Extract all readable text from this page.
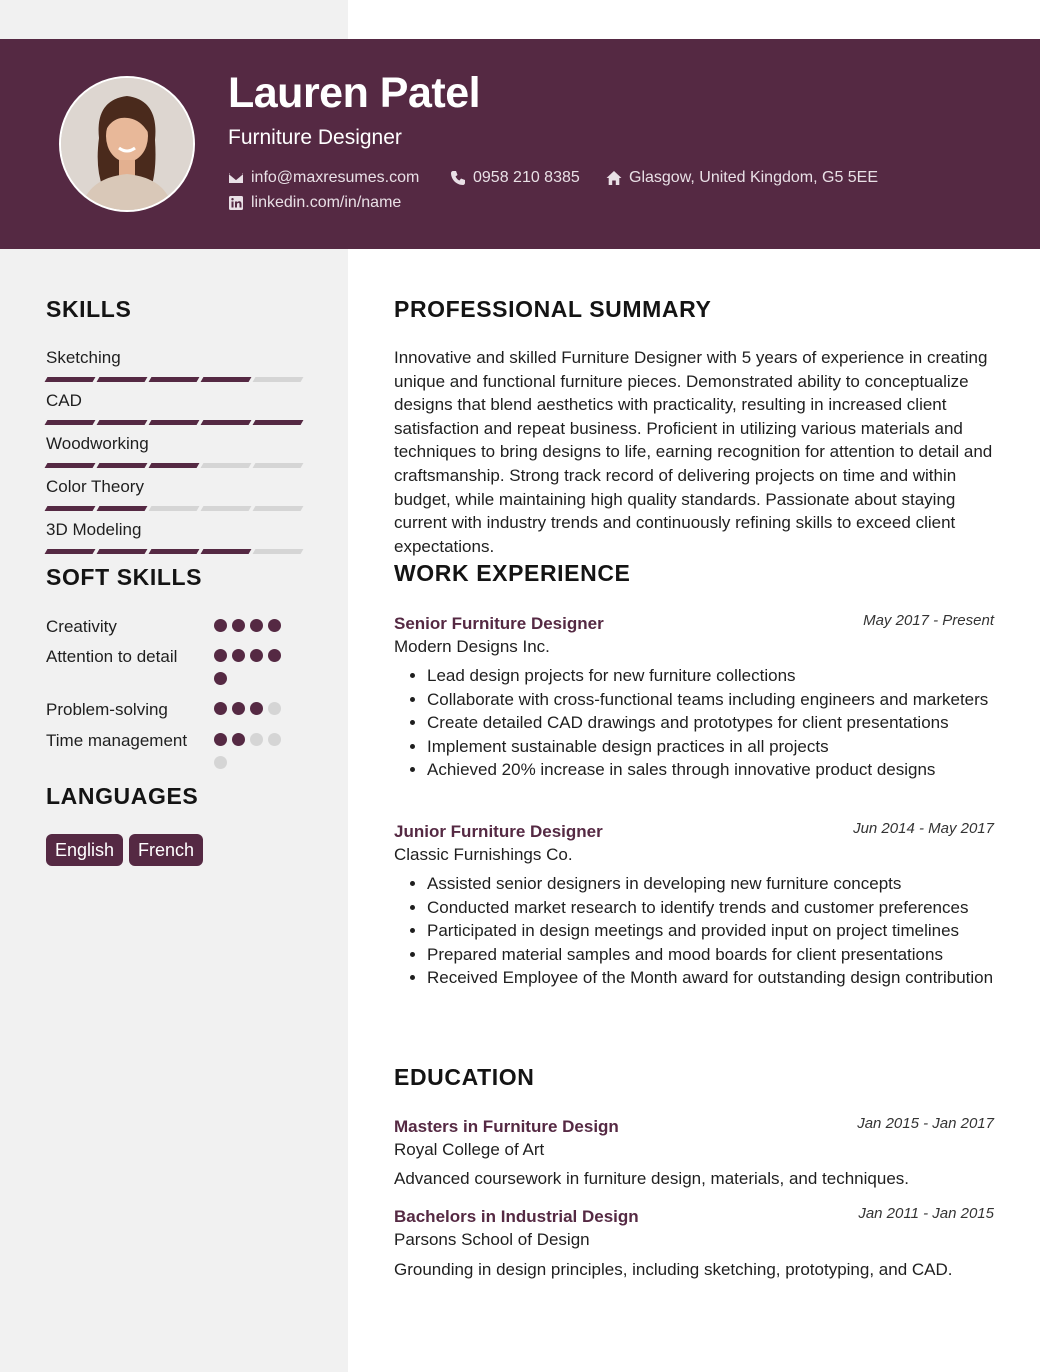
Lauren Patel
Furniture Designer
info@maxresumes.com	0958 210 8385	Glasgow, United Kingdom, G5 5EE
linkedin.com/in/name
SKILLS
Sketching
CAD
Woodworking
Color Theory
3D Modeling
SOFT SKILLS
Creativity
Attention to detail
Problem-solving
Time management
LANGUAGES
English	French
PROFESSIONAL SUMMARY

Innovative and skilled Furniture Designer with 5 years of experience in creating unique and functional furniture pieces. Demonstrated ability to conceptualize designs that blend aesthetics with practicality, resulting in increased client satisfaction and repeat business. Proficient in utilizing various materials and techniques to bring designs to life, earning recognition for attention to detail and craftsmanship. Strong track record of delivering projects on time and within budget, while maintaining high quality standards. Passionate about staying current with industry trends and continuously refining skills to exceed client expectations.

WORK EXPERIENCE
Senior Furniture Designer	May 2017 - Present
Modern Designs Inc.
• Lead design projects for new furniture collections
• Collaborate with cross-functional teams including engineers and marketers
• Create detailed CAD drawings and prototypes for client presentations
• Implement sustainable design practices in all projects
• Achieved 20% increase in sales through innovative product designs
Junior Furniture Designer	Jun 2014 - May 2017
Classic Furnishings Co.
• Assisted senior designers in developing new furniture concepts
• Conducted market research to identify trends and customer preferences
• Participated in design meetings and provided input on project timelines
• Prepared material samples and mood boards for client presentations
• Received Employee of the Month award for outstanding design contribution
EDUCATION
Masters in Furniture Design	Jan 2015 - Jan 2017
Royal College of Art
Advanced coursework in furniture design, materials, and techniques.
Bachelors in Industrial Design	Jan 2011 - Jan 2015
Parsons School of Design
Grounding in design principles, including sketching, prototyping, and CAD.
